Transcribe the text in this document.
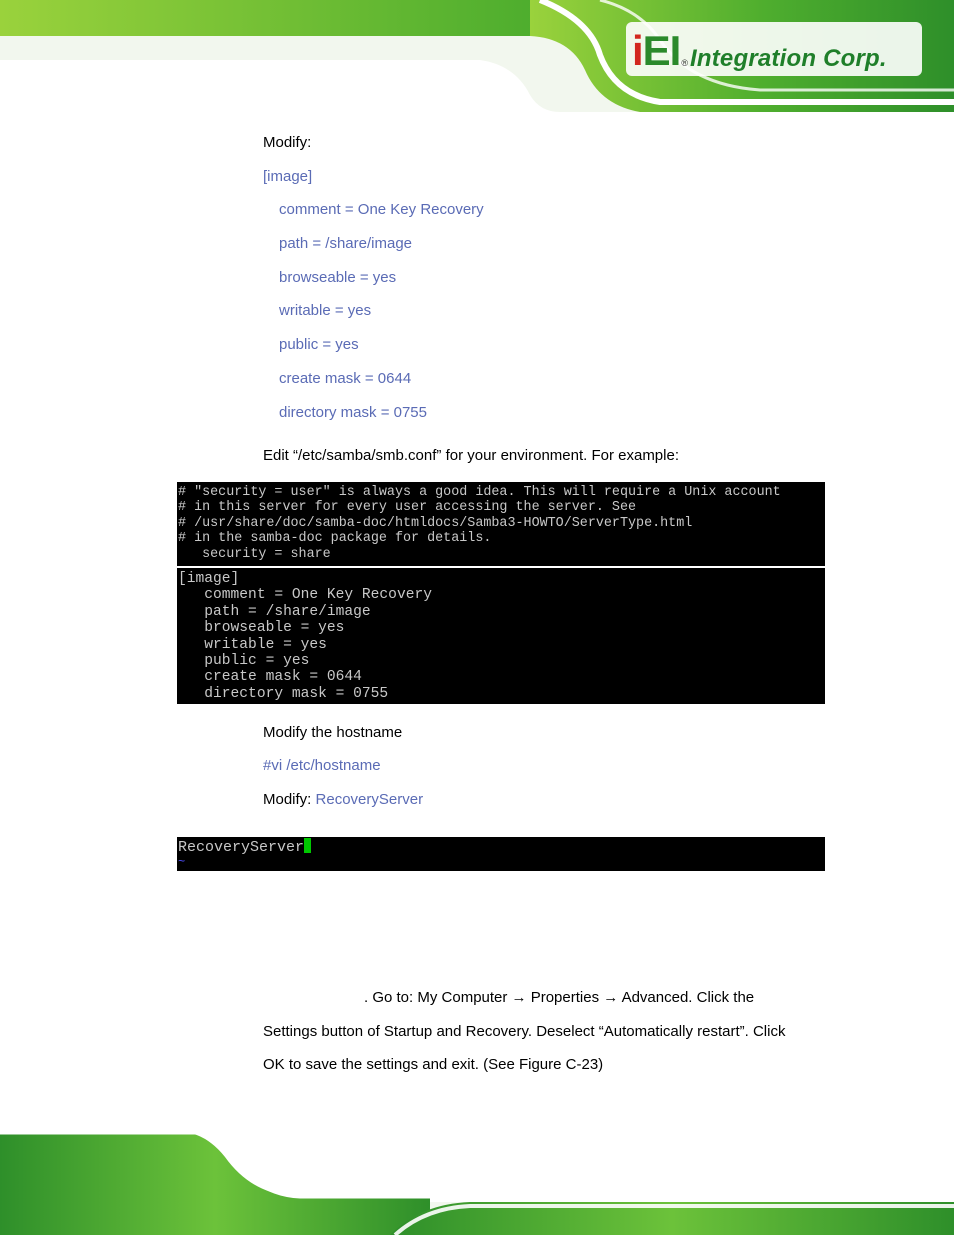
iEI ® Integration Corp.
Modify:
[image]
comment = One Key Recovery
path = /share/image
browseable = yes
writable = yes
public = yes
create mask = 0644
directory mask = 0755
Edit “/etc/samba/smb.conf” for your environment. For example:
# "security = user" is always a good idea. This will require a Unix account
# in this server for every user accessing the server. See
# /usr/share/doc/samba-doc/htmldocs/Samba3-HOWTO/ServerType.html
# in the samba-doc package for details.
security = share
[image]
comment = One Key Recovery
path = /share/image
browseable = yes
writable = yes
public = yes
create mask = 0644
directory mask = 0755
Modify the hostname
#vi /etc/hostname
Modify: RecoveryServer
RecoveryServer
~
. Go to: My Computer → Properties → Advanced. Click the
Settings button of Startup and Recovery. Deselect “Automatically restart”. Click
OK to save the settings and exit. (See Figure C-23)
